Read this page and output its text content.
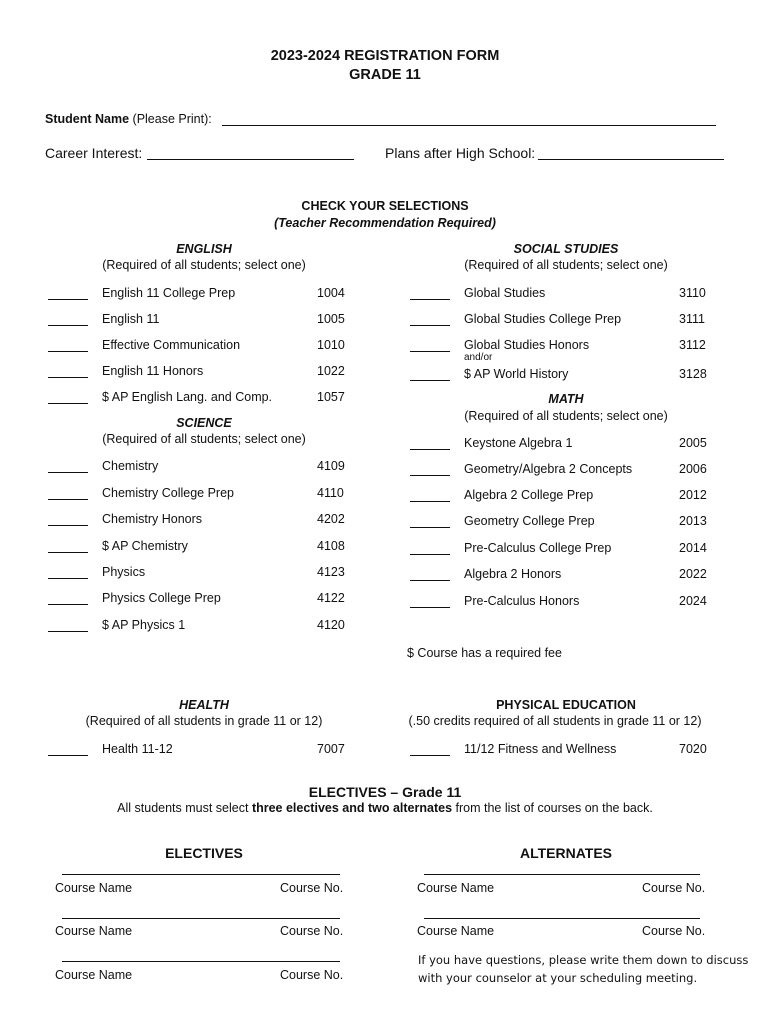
2023-2024 REGISTRATION FORM
GRADE 11
Student Name (Please Print):
Career Interest:	Plans after High School:
CHECK YOUR SELECTIONS
(Teacher Recommendation Required)
ENGLISH
(Required of all students; select one)
English 11 College Prep	1004
English 11	1005
Effective Communication	1010
English 11 Honors	1022
$ AP English Lang. and Comp.	1057
SCIENCE
(Required of all students; select one)
Chemistry	4109
Chemistry College Prep	4110
Chemistry Honors	4202
$ AP Chemistry	4108
Physics	4123
Physics College Prep	4122
$ AP Physics 1	4120
SOCIAL STUDIES
(Required of all students; select one)
Global Studies	3110
Global Studies College Prep	3111
Global Studies Honors	3112
$ AP World History	3128
and/or
MATH
(Required of all students; select one)
Keystone Algebra 1	2005
Geometry/Algebra 2 Concepts	2006
Algebra 2 College Prep	2012
Geometry College Prep	2013
Pre-Calculus College Prep	2014
Algebra 2 Honors	2022
Pre-Calculus Honors	2024
$ Course has a required fee
HEALTH
(Required of all students in grade 11 or 12)
Health 11-12	7007
PHYSICAL EDUCATION
(.50 credits required of all students in grade 11 or 12)
11/12 Fitness and Wellness	7020
ELECTIVES – Grade 11
All students must select three electives and two alternates from the list of courses on the back.
ELECTIVES	ALTERNATES
Course Name	Course No.
Course Name	Course No.
Course Name	Course No.
Course Name	Course No.
Course Name	Course No.
If you have questions, please write them down to discuss
with your counselor at your scheduling meeting.
